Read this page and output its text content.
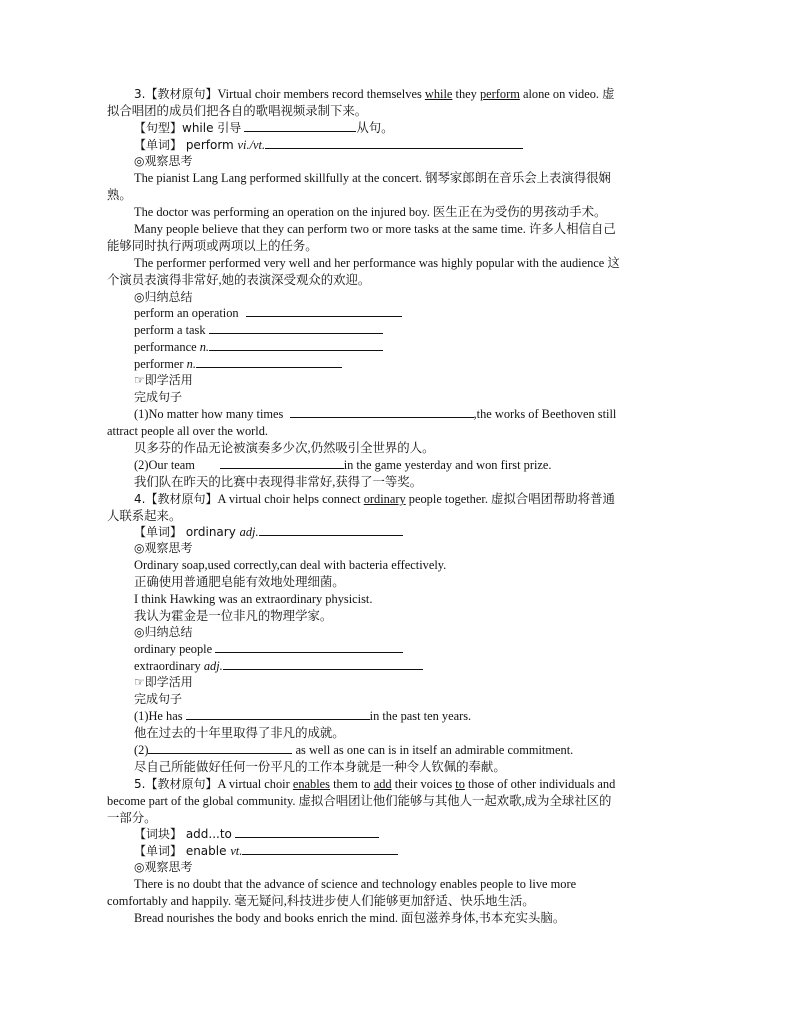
3.【教材原句】Virtual choir members record themselves while they perform alone on video. 虚
拟合唱团的成员们把各自的歌唱视频录制下来。
【句型】while 引导	从句。
【单词】 perform vi./vt.
◎观察思考
The pianist Lang Lang performed skillfully at the concert. 钢琴家郎朗在音乐会上表演得很娴
熟。
The doctor was performing an operation on the injured boy. 医生正在为受伤的男孩动手术。
Many people believe that they can perform two or more tasks at the same time. 许多人相信自己
能够同时执行两项或两项以上的任务。
The performer performed very well and her performance was highly popular with the audience 这
个演员表演得非常好,她的表演深受观众的欢迎。
◎归纳总结
perform an operation
perform a task
performance n.
performer n.
☞即学活用
完成句子
(1)No matter how many times	,the works of Beethoven still
attract people all over the world.
贝多芬的作品无论被演奏多少次,仍然吸引全世界的人。
(2)Our team	in the game yesterday and won first prize.
我们队在昨天的比赛中表现得非常好,获得了一等奖。
4.【教材原句】A virtual choir helps connect ordinary people together. 虚拟合唱团帮助将普通
人联系起来。
【单词】 ordinary adj.
◎观察思考
Ordinary soap,used correctly,can deal with bacteria effectively.
正确使用普通肥皂能有效地处理细菌。
I think Hawking was an extraordinary physicist.
我认为霍金是一位非凡的物理学家。
◎归纳总结
ordinary people
extraordinary adj.
☞即学活用
完成句子
(1)He has	in the past ten years.
他在过去的十年里取得了非凡的成就。
(2)	as well as one can is in itself an admirable commitment.
尽自己所能做好任何一份平凡的工作本身就是一种令人钦佩的奉献。
5.【教材原句】A virtual choir enables them to add their voices to those of other individuals and
become part of the global community. 虚拟合唱团让他们能够与其他人一起欢歌,成为全球社区的
一部分。
【词块】 add...to
【单词】 enable vt.
◎观察思考
There is no doubt that the advance of science and technology enables people to live more
comfortably and happily. 毫无疑问,科技进步使人们能够更加舒适、快乐地生活。
Bread nourishes the body and books enrich the mind. 面包滋养身体,书本充实头脑。
